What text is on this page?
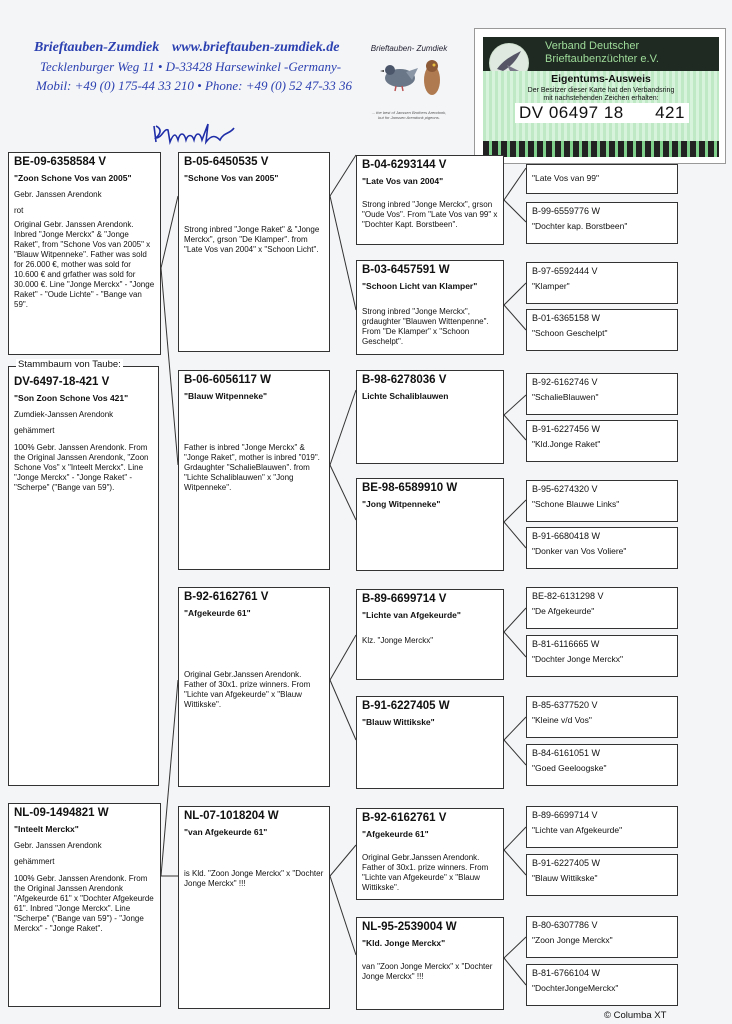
Brieftauben-Zumdiek www.brieftauben-zumdiek.de
Tecklenburger Weg 11 • D-33428 Harsewinkel -Germany-
Mobil: +49 (0) 175-44 33 210 • Phone: +49 (0) 52 47-33 36
Brieftauben- Zumdiek
... the best of Janssen Brothers Arendonk,
but for Janssen Arendonk pigeons.
Verband Deutscher
Brieftaubenzüchter e.V.
Eigentums-Ausweis
Der Besitzer dieser Karte hat den Verbandsring
mit nachstehenden Zeichen erhalten:
DV 06497 18 421
BE-09-6358584 V
"Zoon Schone Vos van 2005"
Gebr. Janssen Arendonk
rot
Original Gebr. Janssen Arendonk. Inbred "Jonge Merckx" & "Jonge Raket", from "Schone Vos van 2005" x "Blauw Witpenneke". Father was sold for 26.000 €, mother was sold for 10.600 € and grfather was sold for 30.000 €. Line "Jonge Merckx" - "Jonge Raket" - "Oude Lichte" - "Bange van 59".
DV-6497-18-421 V
"Son Zoon Schone Vos 421"
Zumdiek-Janssen Arendonk
gehämmert
100% Gebr. Janssen Arendonk. From the Original Janssen Arendonk, "Zoon Schone Vos" x "Inteelt Merckx". Line "Jonge Merckx" - "Jonge Raket" - "Scherpe" ("Bange van 59").
Stammbaum von Taube:
NL-09-1494821 W
"Inteelt Merckx"
Gebr. Janssen Arendonk
gehämmert
100% Gebr. Janssen Arendonk. From the Original Janssen Arendonk "Afgekeurde 61" x "Dochter Afgekeurde 61". Inbred "Jonge Merckx". Line "Scherpe" ("Bange van 59") - "Jonge Merckx" - "Jonge Raket".
B-05-6450535 V
"Schone Vos van 2005"
Strong inbred "Jonge Raket" & "Jonge Merckx", grson "De Klamper". from "Late Vos van 2004" x "Schoon Licht".
B-06-6056117 W
"Blauw Witpenneke"
Father is inbred "Jonge Merckx" & "Jonge Raket", mother is inbred "019". Grdaughter "SchalieBlauwen". from "Lichte Schaliblauwen" x "Jong Witpenneke".
B-92-6162761 V
"Afgekeurde 61"
Original Gebr.Janssen Arendonk. Father of 30x1. prize winners. From "Lichte van Afgekeurde" x "Blauw Wittikske".
NL-07-1018204 W
"van Afgekeurde 61"
is Kld. "Zoon Jonge Merckx" x "Dochter Jonge Merckx" !!!
B-04-6293144 V
"Late Vos van 2004"
Strong inbred "Jonge Merckx", grson "Oude Vos". From "Late Vos van 99" x "Dochter Kapt. Borstbeen".
B-03-6457591 W
"Schoon Licht van Klamper"
Strong inbred "Jonge Merckx", grdaughter "Blauwen Wittenpenne". From "De Klamper" x "Schoon Geschelpt".
B-98-6278036 V
Lichte Schaliblauwen
BE-98-6589910 W
"Jong Witpenneke"
B-89-6699714 V
"Lichte van Afgekeurde"
Klz. "Jonge Merckx"
B-91-6227405 W
"Blauw Wittikske"
B-92-6162761 V
"Afgekeurde 61"
Original Gebr.Janssen Arendonk. Father of 30x1. prize winners. From "Lichte van Afgekeurde" x "Blauw Wittikske".
NL-95-2539004 W
"Kld. Jonge Merckx"
van "Zoon Jonge Merckx" x "Dochter Jonge Merckx" !!!
"Late Vos van 99"
B-99-6559776 W
"Dochter kap. Borstbeen"
B-97-6592444 V
"Klamper"
B-01-6365158 W
"Schoon Geschelpt"
B-92-6162746 V
"SchalieBlauwen"
B-91-6227456 W
"Kld.Jonge Raket"
B-95-6274320 V
"Schone Blauwe Links"
B-91-6680418 W
"Donker van Vos Voliere"
BE-82-6131298 V
"De Afgekeurde"
B-81-6116665 W
"Dochter Jonge Merckx"
B-85-6377520 V
"Kleine v/d Vos"
B-84-6161051 W
"Goed Geeloogske"
B-89-6699714 V
"Lichte van Afgekeurde"
B-91-6227405 W
"Blauw Wittikske"
B-80-6307786 V
"Zoon Jonge Merckx"
B-81-6766104 W
"DochterJongeMerckx"
© Columba XT
